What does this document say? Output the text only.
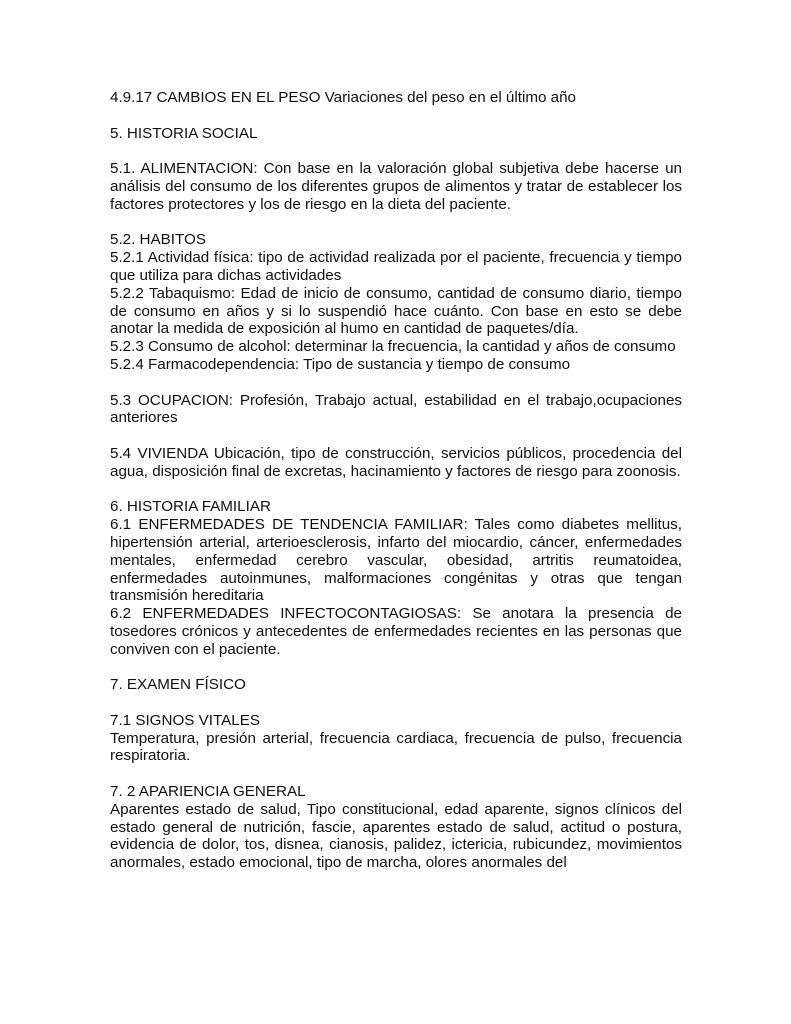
4.9.17 CAMBIOS EN EL PESO Variaciones del peso en el último año

5. HISTORIA SOCIAL

5.1. ALIMENTACION: Con base en la valoración global subjetiva debe hacerse un análisis del consumo de los diferentes grupos de alimentos y tratar de establecer los factores protectores y los de riesgo en la dieta del paciente.

5.2. HABITOS

5.2.1 Actividad física: tipo de actividad realizada por el paciente, frecuencia y tiempo que utiliza para dichas actividades

5.2.2 Tabaquismo: Edad de inicio de consumo, cantidad de consumo diario, tiempo de consumo en años y si lo suspendió hace cuánto. Con base en esto se debe anotar la medida de exposición al humo en cantidad de paquetes/día.

5.2.3 Consumo de alcohol: determinar la frecuencia, la cantidad y años de consumo

5.2.4 Farmacodependencia: Tipo de sustancia y tiempo de consumo

5.3 OCUPACION: Profesión, Trabajo actual, estabilidad en el trabajo,ocupaciones anteriores

5.4 VIVIENDA Ubicación, tipo de construcción, servicios públicos, procedencia del agua, disposición final de excretas, hacinamiento y factores de riesgo para zoonosis.

6. HISTORIA FAMILIAR

6.1 ENFERMEDADES DE TENDENCIA FAMILIAR: Tales como diabetes mellitus, hipertensión arterial, arterioesclerosis, infarto del miocardio, cáncer, enfermedades mentales, enfermedad cerebro vascular, obesidad, artritis reumatoidea, enfermedades autoinmunes, malformaciones congénitas y otras que tengan transmisión hereditaria

6.2 ENFERMEDADES INFECTOCONTAGIOSAS: Se anotara la presencia de tosedores crónicos y antecedentes de enfermedades recientes en las personas que conviven con el paciente.

7. EXAMEN FÍSICO

7.1 SIGNOS VITALES

Temperatura, presión arterial, frecuencia cardiaca, frecuencia de pulso, frecuencia respiratoria.

7. 2 APARIENCIA GENERAL

Aparentes estado de salud, Tipo constitucional, edad aparente, signos clínicos del estado general de nutrición, fascie, aparentes estado de salud, actitud o postura, evidencia de dolor, tos, disnea, cianosis, palidez, ictericia, rubicundez, movimientos anormales, estado emocional, tipo de marcha, olores anormales del
